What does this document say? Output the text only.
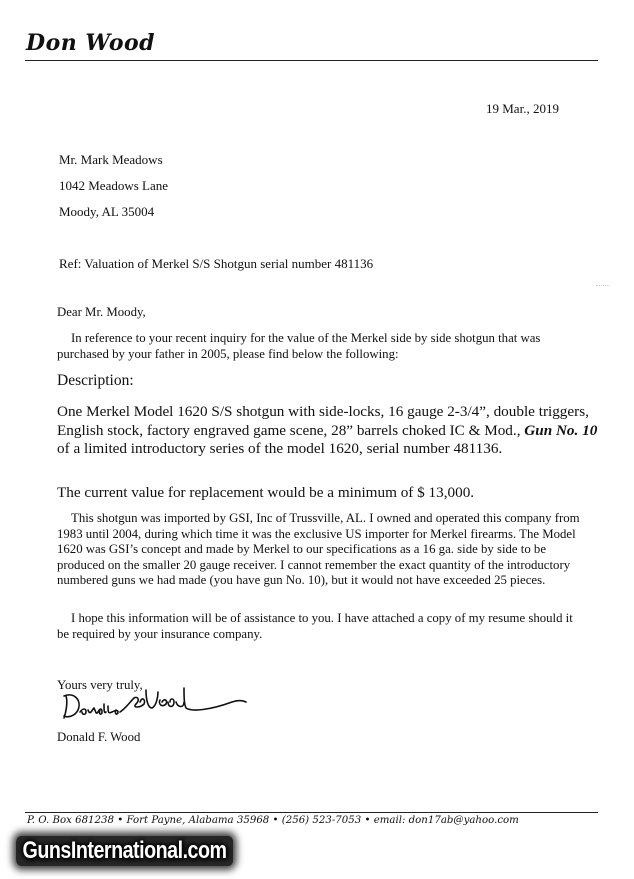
Don Wood
19 Mar., 2019
Mr. Mark Meadows
1042 Meadows Lane
Moody, AL 35004
Ref: Valuation of Merkel S/S Shotgun serial number 481136
Dear Mr. Moody,
In reference to your recent inquiry for the value of the Merkel side by side shotgun that was purchased by your father in 2005, please find below the following:
Description:
One Merkel Model 1620 S/S shotgun with side-locks, 16 gauge 2-3/4”, double triggers, English stock, factory engraved game scene, 28” barrels choked IC & Mod., Gun No. 10 of a limited introductory series of the model 1620, serial number 481136.
The current value for replacement would be a minimum of $ 13,000.
This shotgun was imported by GSI, Inc of Trussville, AL. I owned and operated this company from 1983 until 2004, during which time it was the exclusive US importer for Merkel firearms. The Model 1620 was GSI’s concept and made by Merkel to our specifications as a 16 ga. side by side to be produced on the smaller 20 gauge receiver. I cannot remember the exact quantity of the introductory numbered guns we had made (you have gun No. 10), but it would not have exceeded 25 pieces.
I hope this information will be of assistance to you. I have attached a copy of my resume should it be required by your insurance company.
Yours very truly,
Donald F. Wood
P. O. Box 681238 • Fort Payne, Alabama 35968 • (256) 523-7053 • email: don17ab@yahoo.com
GunsInternational.com
